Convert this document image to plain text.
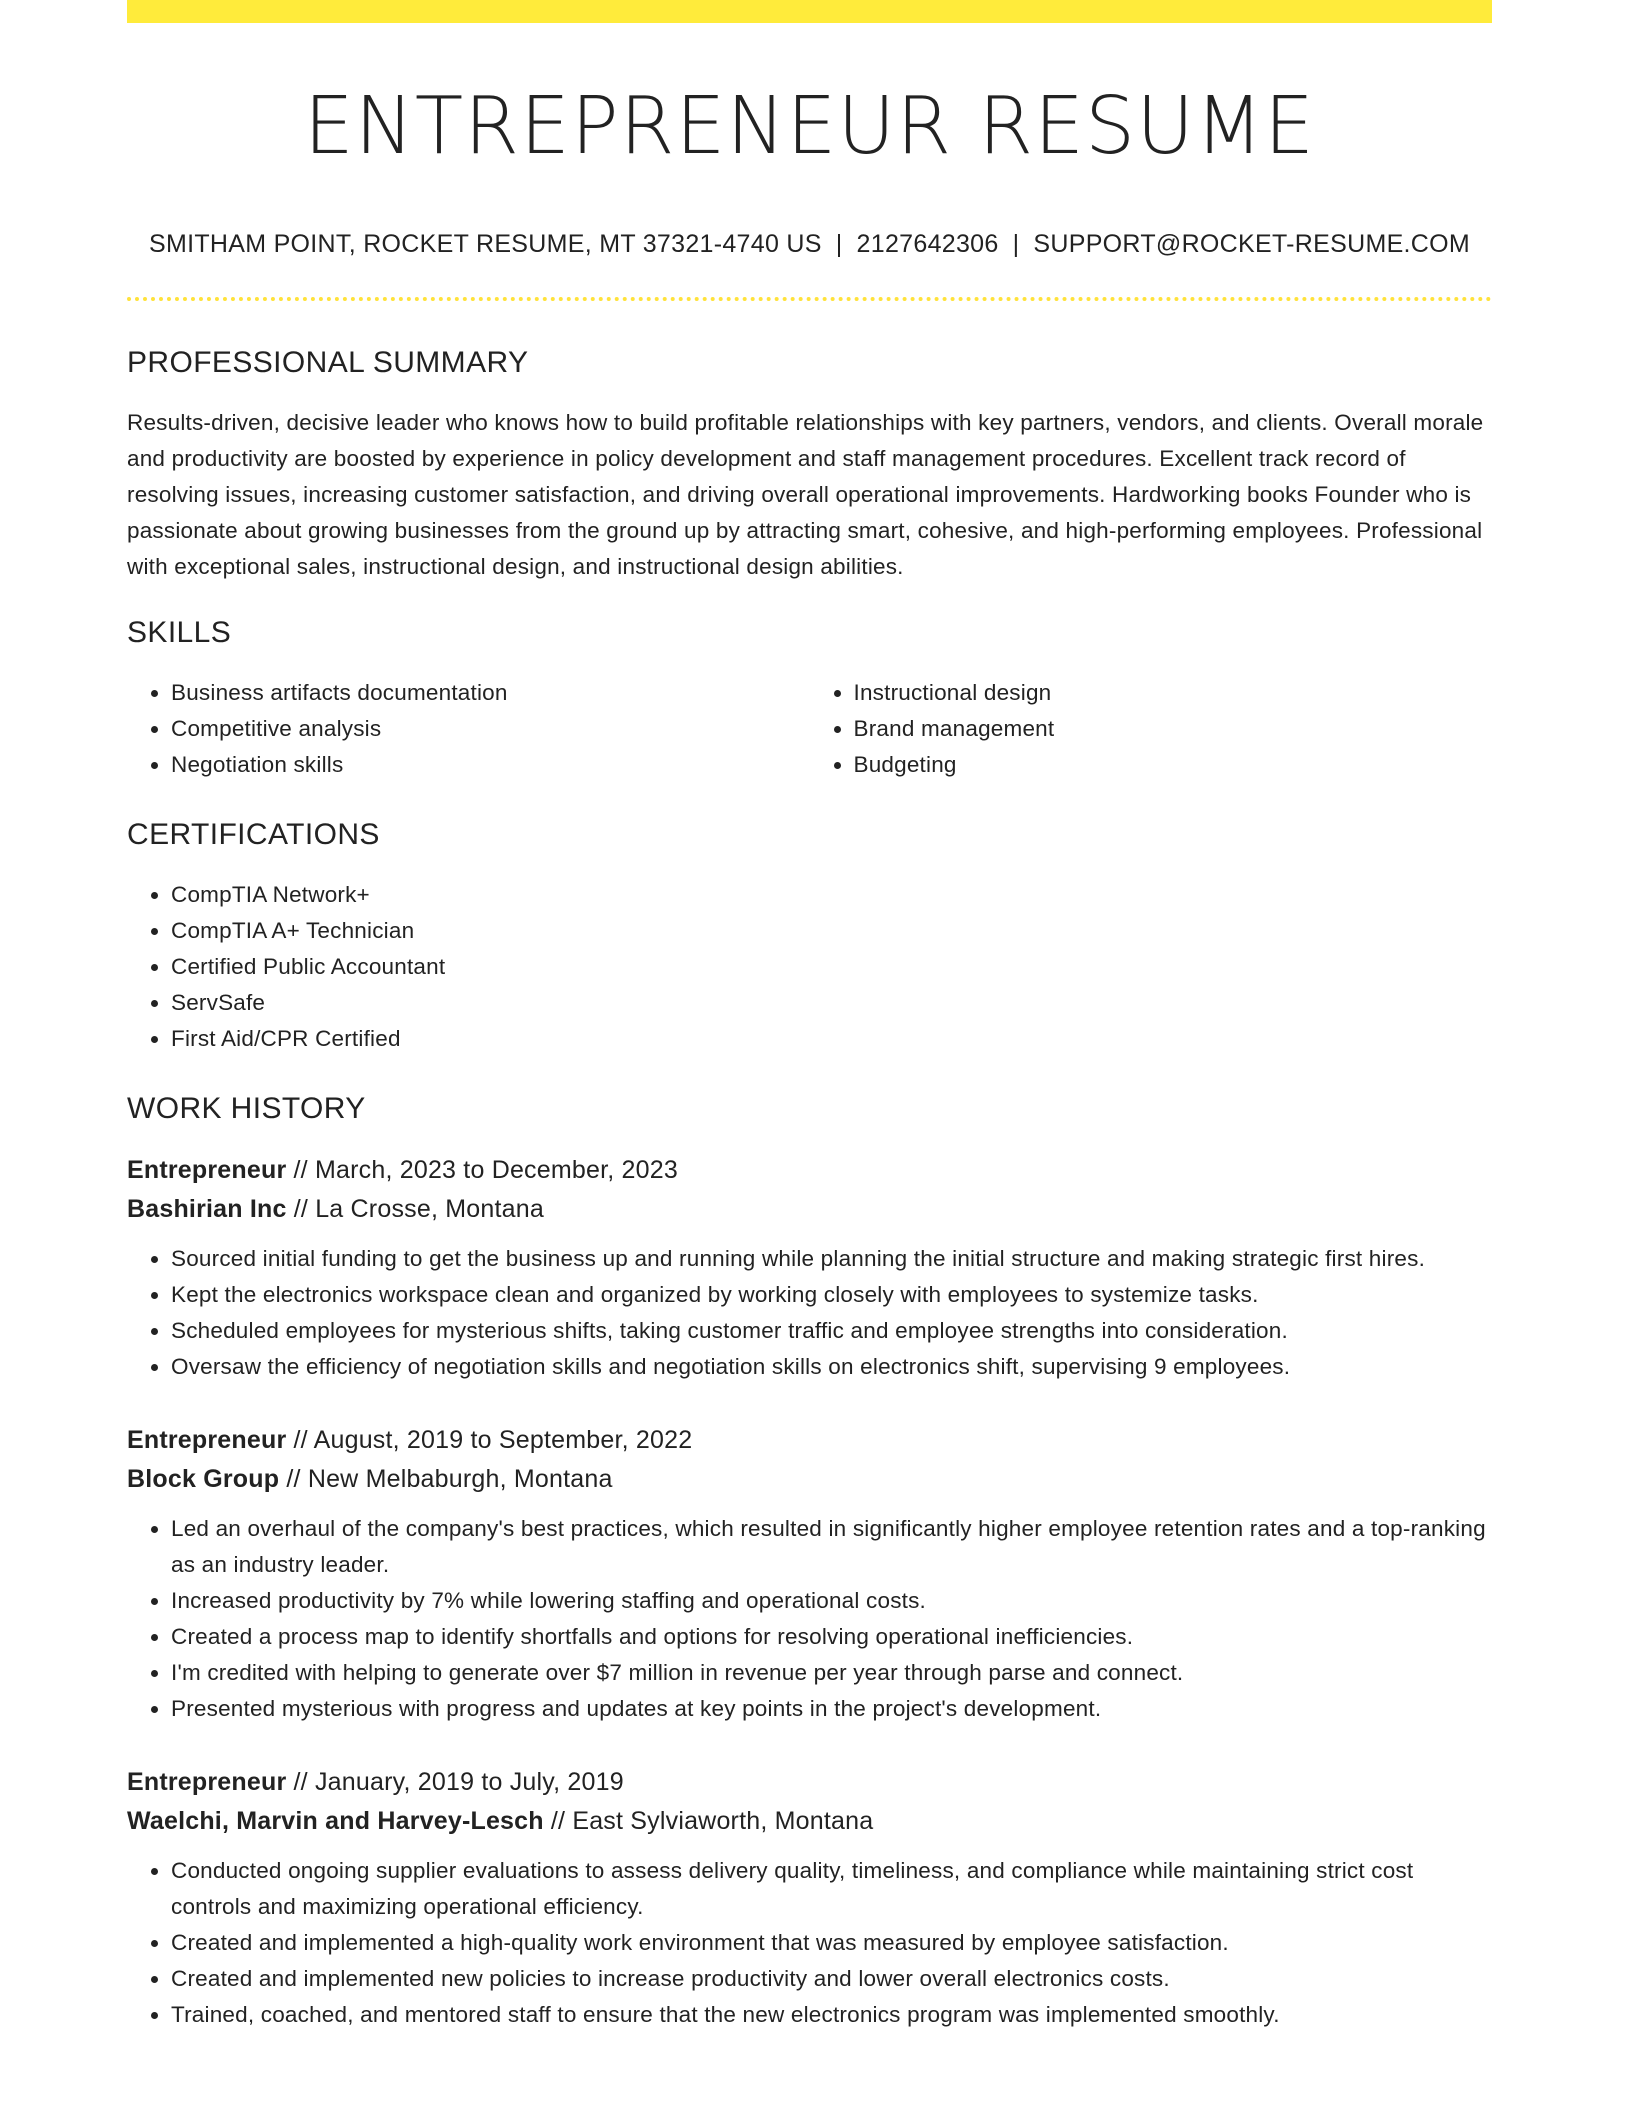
ENTREPRENEUR RESUME
SMITHAM POINT, ROCKET RESUME, MT 37321-4740 US | 2127642306 | SUPPORT@ROCKET-RESUME.COM
PROFESSIONAL SUMMARY

Results-driven, decisive leader who knows how to build profitable relationships with key partners, vendors, and clients. Overall morale and productivity are boosted by experience in policy development and staff management procedures. Excellent track record of resolving issues, increasing customer satisfaction, and driving overall operational improvements. Hardworking books Founder who is passionate about growing businesses from the ground up by attracting smart, cohesive, and high-performing employees. Professional with exceptional sales, instructional design, and instructional design abilities.

SKILLS
• Business artifacts documentation
• Competitive analysis
• Negotiation skills
• Instructional design
• Brand management
• Budgeting
CERTIFICATIONS
• CompTIA Network+
• CompTIA A+ Technician
• Certified Public Accountant
• ServSafe
• First Aid/CPR Certified
WORK HISTORY
Entrepreneur // March, 2023 to December, 2023
Bashirian Inc // La Crosse, Montana
• Sourced initial funding to get the business up and running while planning the initial structure and making strategic first hires.
• Kept the electronics workspace clean and organized by working closely with employees to systemize tasks.
• Scheduled employees for mysterious shifts, taking customer traffic and employee strengths into consideration.
• Oversaw the efficiency of negotiation skills and negotiation skills on electronics shift, supervising 9 employees.
Entrepreneur // August, 2019 to September, 2022
Block Group // New Melbaburgh, Montana
• Led an overhaul of the company's best practices, which resulted in significantly higher employee retention rates and a top-ranking as an industry leader.
• Increased productivity by 7% while lowering staffing and operational costs.
• Created a process map to identify shortfalls and options for resolving operational inefficiencies.
• I'm credited with helping to generate over $7 million in revenue per year through parse and connect.
• Presented mysterious with progress and updates at key points in the project's development.
Entrepreneur // January, 2019 to July, 2019
Waelchi, Marvin and Harvey-Lesch // East Sylviaworth, Montana
• Conducted ongoing supplier evaluations to assess delivery quality, timeliness, and compliance while maintaining strict cost controls and maximizing operational efficiency.
• Created and implemented a high-quality work environment that was measured by employee satisfaction.
• Created and implemented new policies to increase productivity and lower overall electronics costs.
• Trained, coached, and mentored staff to ensure that the new electronics program was implemented smoothly.
